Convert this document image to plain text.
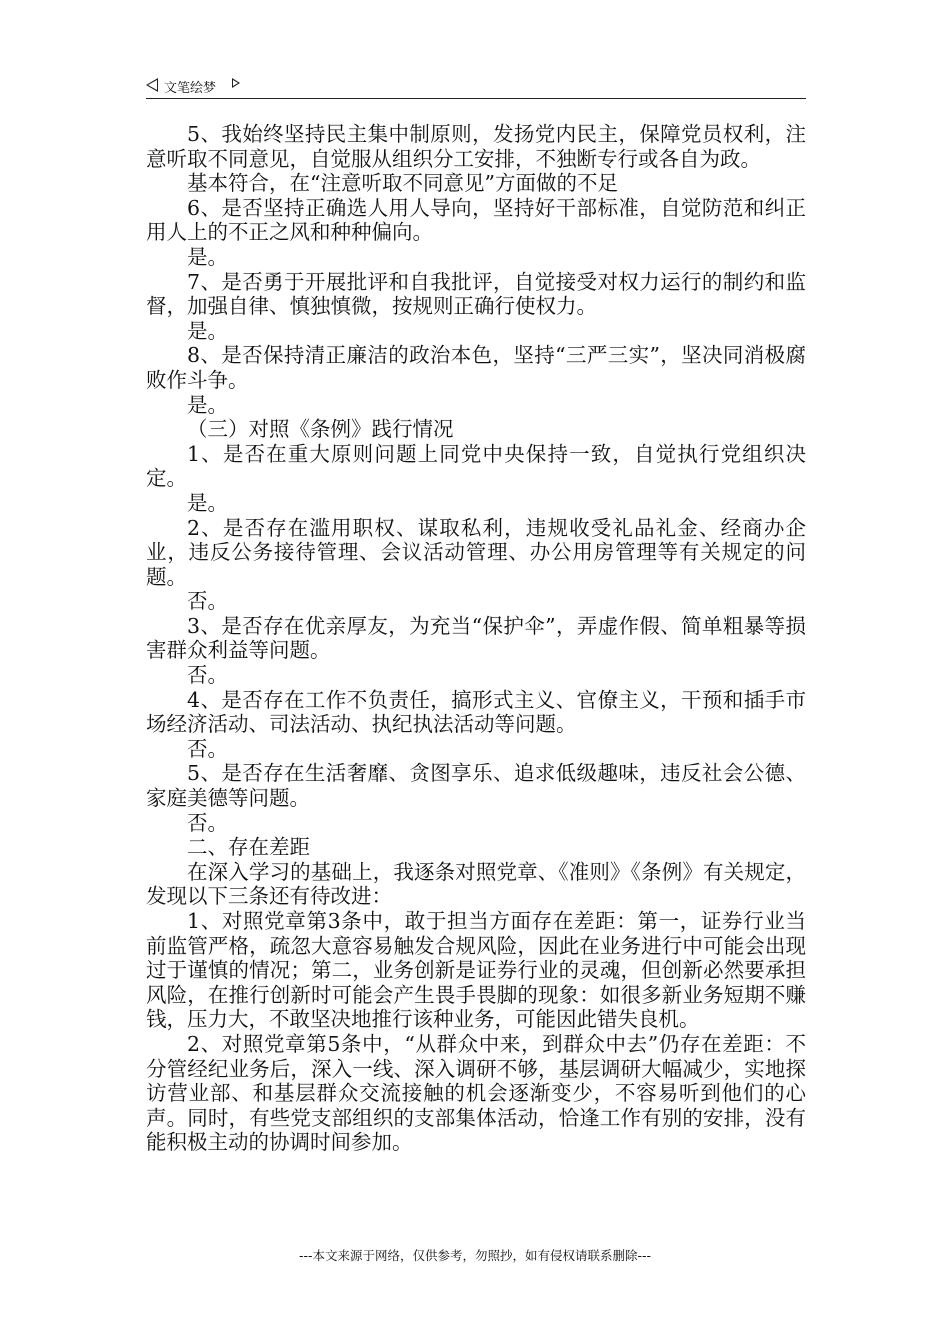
文笔绘梦

5、我始终坚持民主集中制原则，发扬党内民主，保障党员权利，注意听取不同意见，自觉服从组织分工安排，不独断专行或各自为政。

基本符合，在“注意听取不同意见”方面做的不足

6、是否坚持正确选人用人导向，坚持好干部标准，自觉防范和纠正用人上的不正之风和种种偏向。

是。

7、是否勇于开展批评和自我批评，自觉接受对权力运行的制约和监督，加强自律、慎独慎微，按规则正确行使权力。

是。

8、是否保持清正廉洁的政治本色，坚持“三严三实”，坚决同消极腐败作斗争。

是。

（三）对照《条例》践行情况

1、是否在重大原则问题上同党中央保持一致，自觉执行党组织决定。

是。

2、是否存在滥用职权、谋取私利，违规收受礼品礼金、经商办企业，违反公务接待管理、会议活动管理、办公用房管理等有关规定的问题。

否。

3、是否存在优亲厚友，为充当“保护伞”，弄虚作假、简单粗暴等损害群众利益等问题。

否。

4、是否存在工作不负责任，搞形式主义、官僚主义，干预和插手市场经济活动、司法活动、执纪执法活动等问题。

否。

5、是否存在生活奢靡、贪图享乐、追求低级趣味，违反社会公德、家庭美德等问题。

否。

二、存在差距

在深入学习的基础上，我逐条对照党章、《准则》《条例》有关规定，发现以下三条还有待改进：

1、对照党章第3条中，敢于担当方面存在差距：第一，证券行业当前监管严格，疏忽大意容易触发合规风险，因此在业务进行中可能会出现过于谨慎的情况；第二，业务创新是证券行业的灵魂，但创新必然要承担风险，在推行创新时可能会产生畏手畏脚的现象：如很多新业务短期不赚钱，压力大，不敢坚决地推行该种业务，可能因此错失良机。

2、对照党章第5条中，“从群众中来，到群众中去”仍存在差距：不分管经纪业务后，深入一线、深入调研不够，基层调研大幅减少，实地探访营业部、和基层群众交流接触的机会逐渐变少，不容易听到他们的心声。同时，有些党支部组织的支部集体活动，恰逢工作有别的安排，没有能积极主动的协调时间参加。

---本文来源于网络，仅供参考，勿照抄，如有侵权请联系删除---
